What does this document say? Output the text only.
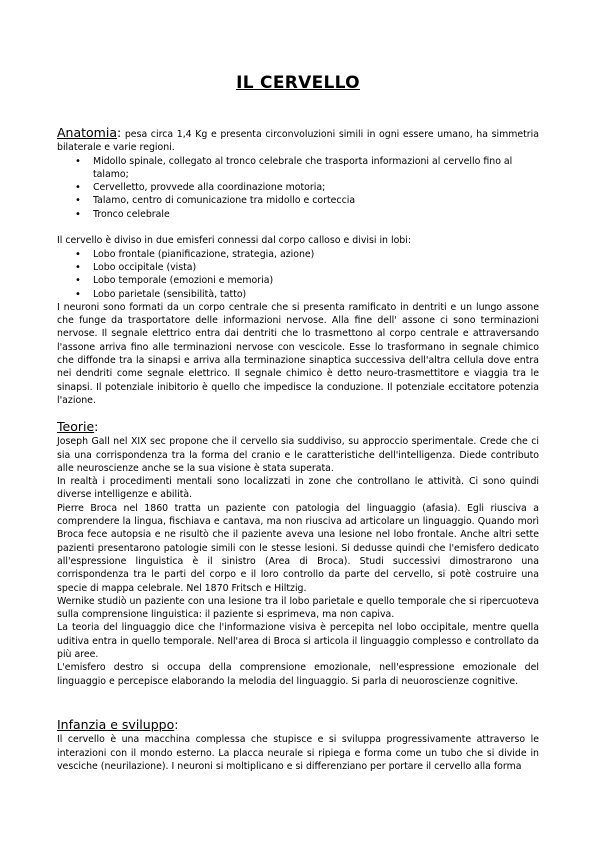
IL CERVELLO

Anatomia: pesa circa 1,4 Kg e presenta circonvoluzioni simili in ogni essere umano, ha simmetria

bilaterale e varie regioni.

• Midollo spinale, collegato al tronco celebrale che trasporta informazioni al cervello fino al talamo;
• Cervelletto, provvede alla coordinazione motoria;
• Talamo, centro di comunicazione tra midollo e corteccia
• Tronco celebrale

Il cervello è diviso in due emisferi connessi dal corpo calloso e divisi in lobi:

• Lobo frontale (pianificazione, strategia, azione)
• Lobo occipitale (vista)
• Lobo temporale (emozioni e memoria)
• Lobo parietale (sensibilità, tatto)

I neuroni sono formati da un corpo centrale che si presenta ramificato in dentriti e un lungo assone che funge da trasportatore delle informazioni nervose. Alla fine dell' assone ci sono terminazioni nervose. Il segnale elettrico entra dai dentriti che lo trasmettono al corpo centrale e attraversando l'assone arriva fino alle terminazioni nervose con vescicole. Esse lo trasformano in segnale chimico che diffonde tra la sinapsi e arriva alla terminazione sinaptica successiva dell'altra cellula dove entra nei dendriti come segnale elettrico. Il segnale chimico è detto neuro-trasmettitore e viaggia tra le sinapsi. Il potenziale inibitorio è quello che impedisce la conduzione. Il potenziale eccitatore potenzia l'azione.

Teorie:

Joseph Gall nel XIX sec propone che il cervello sia suddiviso, su approccio sperimentale. Crede che ci sia una corrispondenza tra la forma del cranio e le caratteristiche dell'intelligenza. Diede contributo alle neuroscienze anche se la sua visione è stata superata.

In realtà i procedimenti mentali sono localizzati in zone che controllano le attività. Ci sono quindi diverse intelligenze e abilità.

Pierre Broca nel 1860 tratta un paziente con patologia del linguaggio (afasia). Egli riusciva a comprendere la lingua, fischiava e cantava, ma non riusciva ad articolare un linguaggio. Quando morì Broca fece autopsia e ne risultò che il paziente aveva una lesione nel lobo frontale. Anche altri sette pazienti presentarono patologie simili con le stesse lesioni. Si dedusse quindi che l'emisfero dedicato all'espressione linguistica è il sinistro (Area di Broca). Studi successivi dimostrarono una corrispondenza tra le parti del corpo e il loro controllo da parte del cervello, si potè costruire una specie di mappa celebrale. Nel 1870 Fritsch e Hiltzig.

Wernike studiò un paziente con una lesione tra il lobo parietale e quello temporale che si ripercuoteva sulla comprensione linguistica: il paziente si esprimeva, ma non capiva.

La teoria del linguaggio dice che l'informazione visiva è percepita nel lobo occipitale, mentre quella uditiva entra in quello temporale. Nell'area di Broca si articola il linguaggio complesso e controllato da più aree.

L'emisfero destro si occupa della comprensione emozionale, nell'espressione emozionale del linguaggio e percepisce elaborando la melodia del linguaggio. Si parla di neuoroscienze cognitive.

Infanzia e sviluppo:

Il cervello è una macchina complessa che stupisce e si sviluppa progressivamente attraverso le interazioni con il mondo esterno. La placca neurale si ripiega e forma come un tubo che si divide in vesciche (neurilazione). I neuroni si moltiplicano e si differenziano per portare il cervello alla forma
